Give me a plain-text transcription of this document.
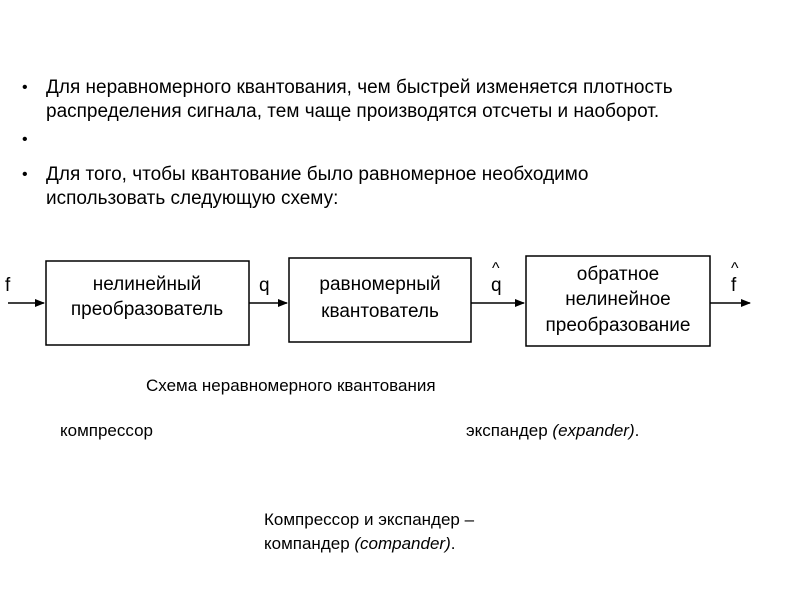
• Для неравномерного квантования, чем быстрей изменяется плотность
распределения сигнала, тем чаще производятся отсчеты и наоборот.
•
• Для того, чтобы квантование было равномерное необходимо
использовать следующую схему:
f	нелинейный
преобразователь
q	равномерный
квантователь
^
q
обратное
нелинейное
преобразование
^
f
Схема неравномерного квантования
компрессор	экспандер (expander).
Компрессор и экспандер –
компандер (compander).
